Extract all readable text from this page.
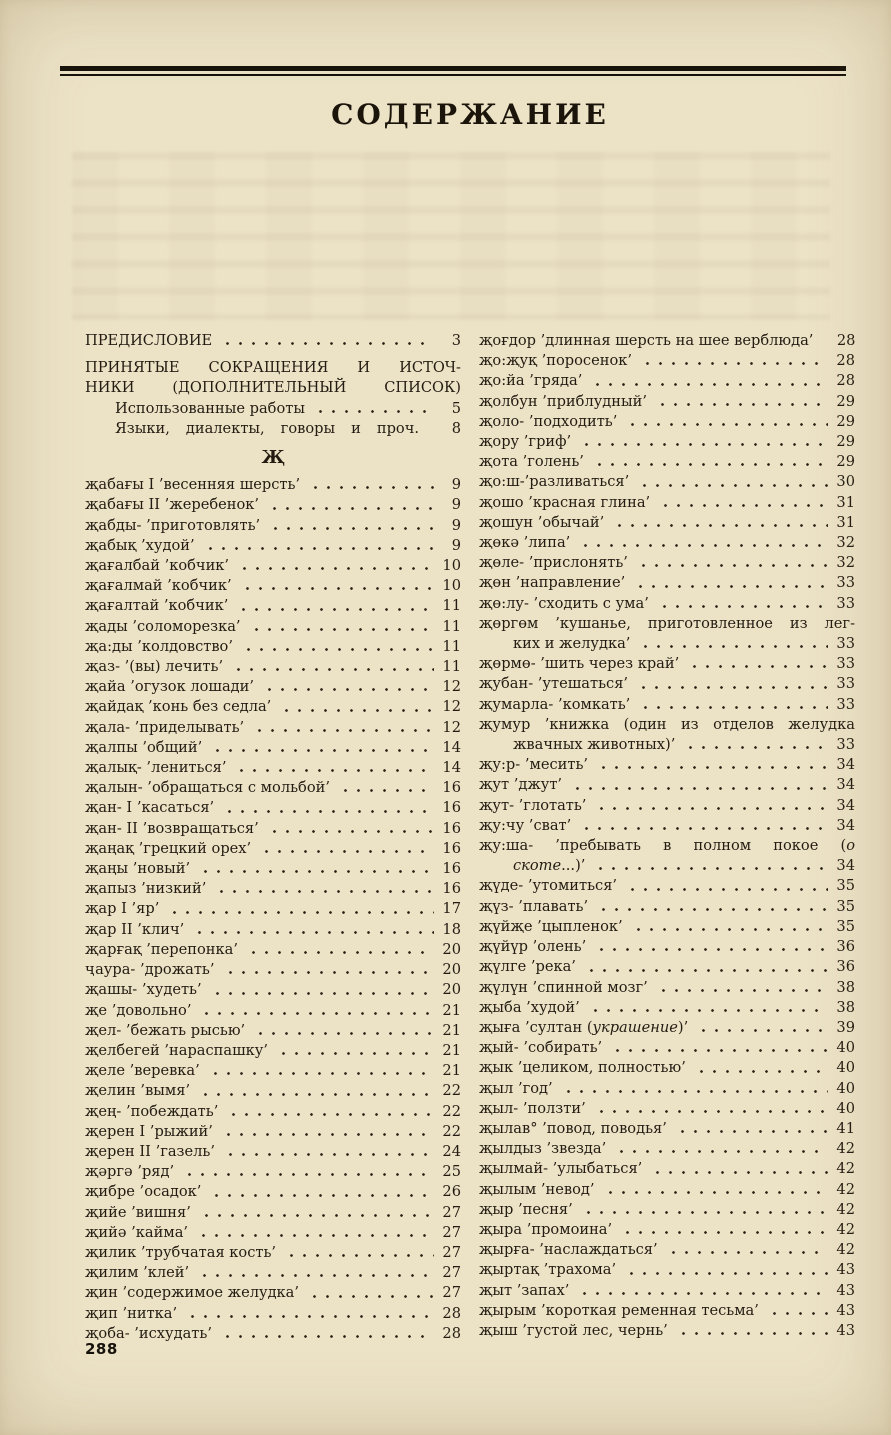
СОДЕРЖАНИЕ
ПРЕДИСЛОВИЕ	3
ПРИНЯТЫЕ СОКРАЩЕНИЯ И ИСТОЧ-
НИКИ (ДОПОЛНИТЕЛЬНЫЙ СПИСОК)
Использованные работы	5
Языки, диалекты, говоры и проч.	8
Җ
җабағы I ’весенняя шерсть’	9
җабағы II ’жеребенок’	9
җабды- ’приготовлять’	9
җабық ’худой’	9
җағалбай ’кобчик’	10
җағалмай ’кобчик’	10
җағалтай ’кобчик’	11
җады ’соломорезка’	11
җа:ды ’колдовство’	11
җаз- ’(вы) лечить’	11
җайа ’огузок лошади’	12
җайдақ ’конь без седла’	12
җала- ’приделывать’	12
җалпы ’общий’	14
җалық- ’лениться’	14
җалын- ’обращаться с мольбой’	16
җан- I ’касаться’	16
җан- II ’возвращаться’	16
җаңақ ’грецкий орех’	16
җаңы ’новый’	16
җапыз ’низкий’	16
җар I ’яр’	17
җар II ’клич’	18
җарғақ ’перепонка’	20
ҷаура- ’дрожать’	20
җашы- ’худеть’	20
җе ’довольно’	21
җел- ’бежать рысью’	21
җелбегей ’нараспашку’	21
җеле ’веревка’	21
җелин ’вымя’	22
җең- ’побеждать’	22
җерен I ’рыжий’	22
җерен II ’газель’	24
җәргә ’ряд’	25
җибре ’осадок’	26
җийе ’вишня’	27
җийә ’кайма’	27
җилик ’трубчатая кость’	27
җилим ’клей’	27
җин ’содержимое желудка’	27
җип ’нитка’	28
җоба- ’исхудать’	28
җоғдор ’длинная шерсть на шее верблюда’	28
җо:җуқ ’поросенок’	28
җо:йа ’гряда’	28
җолбун ’приблудный’	29
җоло- ’подходить’	29
җору ’гриф’	29
җота ’голень’	29
җо:ш-’разливаться’	30
җошо ’красная глина’	31
җошун ’обычай’	31
җөкә ’липа’	32
җөле- ’прислонять’	32
җөн ’направление’	33
җө:лу- ’сходить с ума’	33
җөргөм ’кушанье, приготовленное из лег-
ких и желудка’	33
җөрмө- ’шить через край’	33
җубан- ’утешаться’	33
җумарла- ’комкать’	33
җумур ’книжка (один из отделов желудка
жвачных животных)’	33
җу:р- ’месить’	34
җут ’джут’	34
җут- ’глотать’	34
җу:чу ’сват’	34
җу:ша- ’пребывать в полном покое (о
скоте...)’	34
җүде- ’утомиться’	35
җүз- ’плавать’	35
җүйҗе ’цыпленок’	35
җүйүр ’олень’	36
җүлге ’река’	36
җүлүн ’спинной мозг’	38
җыба ’худой’	38
җыға ’султан (украшение)’	39
җый- ’собирать’	40
җык ’целиком, полностью’	40
җыл ’год’	40
җыл- ’ползти’	40
җылав° ’повод, поводья’	41
җылдыз ’звезда’	42
җылмай- ’улыбаться’	42
җылым ’невод’	42
җыр ’песня’	42
җыра ’промоина’	42
җырға- ’наслаждаться’	42
җыртақ ’трахома’	43
җыт ’запах’	43
җырым ’короткая ременная тесьма’	43
җыш ’густой лес, чернь’	43
288
